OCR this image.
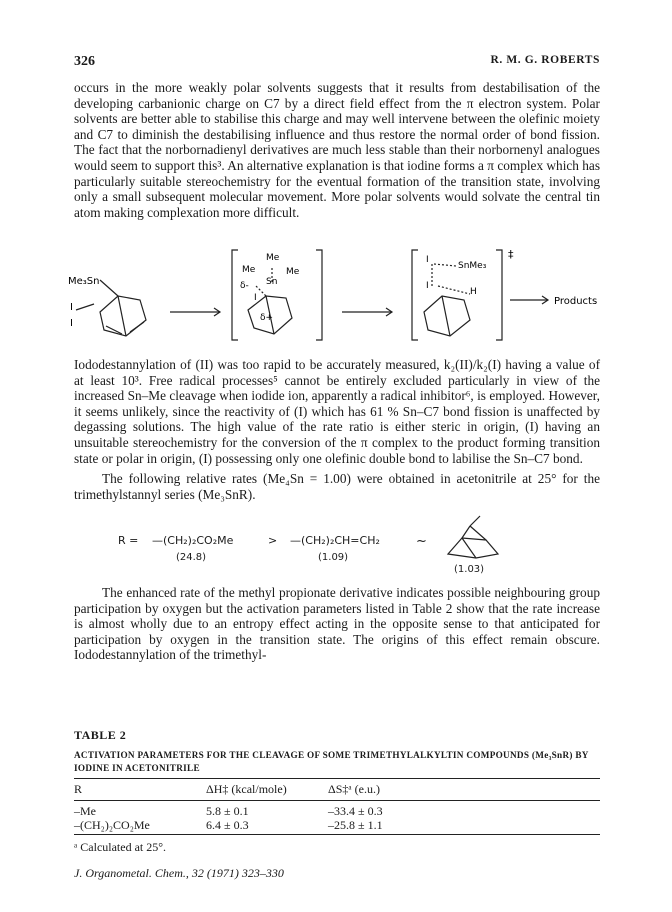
326	R. M. G. ROBERTS
occurs in the more weakly polar solvents suggests that it results from destabilisation of the developing carbanionic charge on C7 by a direct field effect from the π electron system. Polar solvents are better able to stabilise this charge and may well intervene between the olefinic moiety and C7 to diminish the destabilising influence and thus restore the normal order of bond fission. The fact that the norbornadienyl derivatives are much less stable than their norbornenyl analogues would seem to support this³. An alternative explanation is that iodine forms a π complex which has particularly suitable stereochemistry for the eventual formation of the transition state, involving only a small subsequent molecular movement. More polar solvents would solvate the central tin atom making complexation more difficult.
Me₃Sn
I
I
Me
Me	Me
Sn
δ-
I
δ+
I
SnMe₃
I
H
‡
Products
Iododestannylation of (II) was too rapid to be accurately measured, k₂(II)/k₂(I) having a value of at least 10³. Free radical processes⁵ cannot be entirely excluded particularly in view of the increased Sn–Me cleavage when iodide ion, apparently a radical inhibitor⁶, is employed. However, it seems unlikely, since the reactivity of (I) which has 61 % Sn–C7 bond fission is unaffected by degassing solutions. The high value of the rate ratio is either steric in origin, (I) having an unsuitable stereochemistry for the conversion of the π complex to the product forming transition state or polar in origin, (I) possessing only one olefinic double bond to labilise the Sn–C7 bond.
The following relative rates (Me₄Sn = 1.00) were obtained in acetonitrile at 25° for the trimethylstannyl series (Me₃SnR).
R = —(CH₂)₂CO₂Me
(24.8)
> —(CH₂)₂CH=CH₂
(1.09)
~
(1.03)
The enhanced rate of the methyl propionate derivative indicates possible neighbouring group participation by oxygen but the activation parameters listed in Table 2 show that the rate increase is almost wholly due to an entropy effect acting in the opposite sense to that anticipated for participation by oxygen in the transition state. The origins of this effect remain obscure. Iododestannylation of the trimethyl-
TABLE 2
ACTIVATION PARAMETERS FOR THE CLEAVAGE OF SOME TRIMETHYLALKYLTIN COMPOUNDS (Me₃SnR) BY IODINE IN ACETONITRILE
R	ΔH‡ (kcal/mole)	ΔS‡ᵃ (e.u.)
–Me	5.8 ± 0.1	–33.4 ± 0.3
–(CH₂)₂CO₂Me	6.4 ± 0.3	–25.8 ± 1.1
ᵃ Calculated at 25°.
J. Organometal. Chem., 32 (1971) 323–330
